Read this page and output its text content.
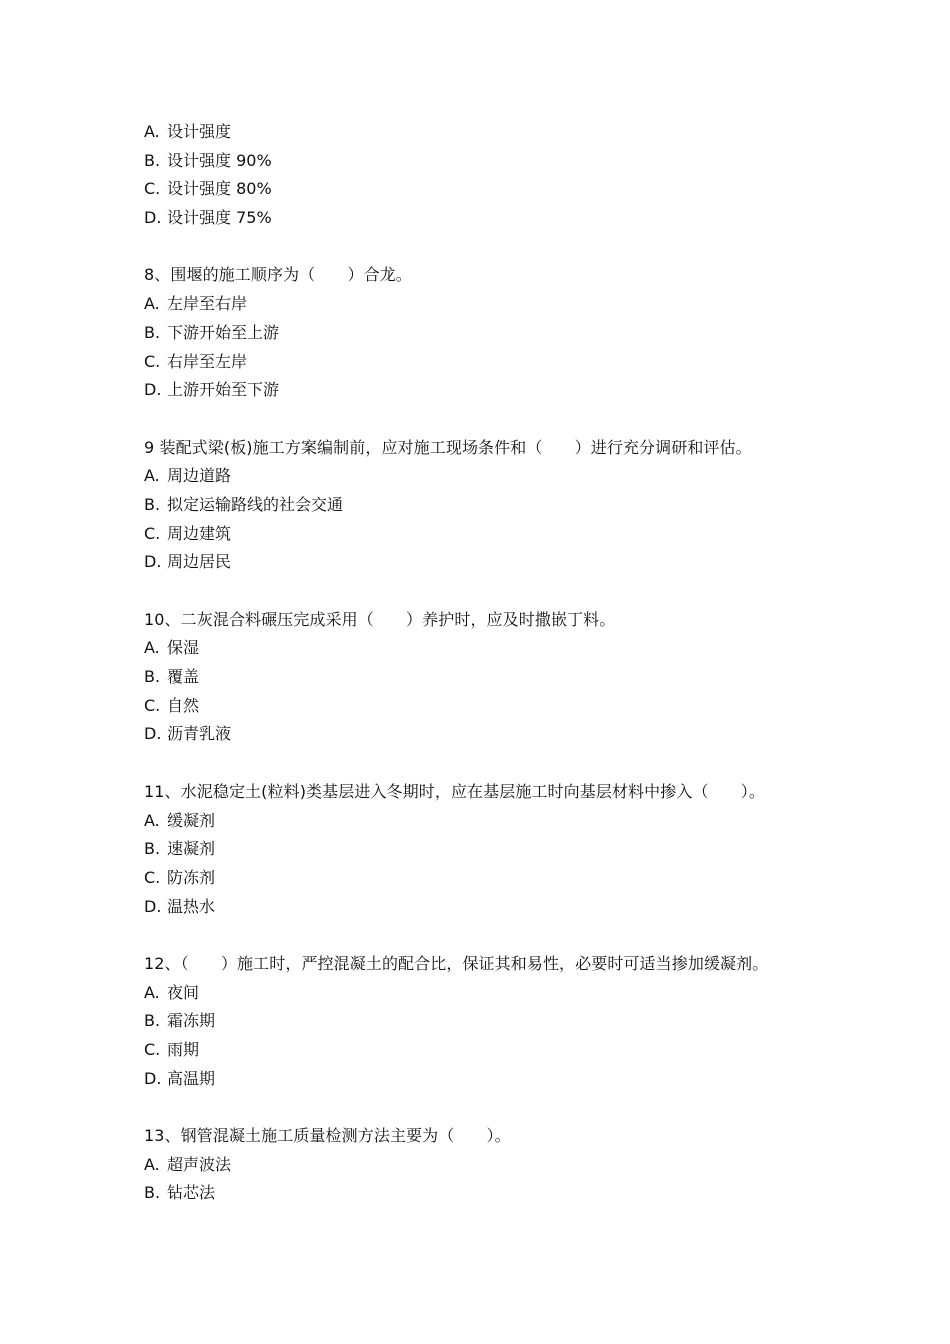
A. 设计强度
B. 设计强度 90%
C. 设计强度 80%
D. 设计强度 75%
8、围堰的施工顺序为（　　）合龙。
A. 左岸至右岸
B. 下游开始至上游
C. 右岸至左岸
D. 上游开始至下游
9 装配式梁(板)施工方案编制前，应对施工现场条件和（　　）进行充分调研和评估。
A. 周边道路
B. 拟定运输路线的社会交通
C. 周边建筑
D. 周边居民
10、二灰混合料碾压完成采用（　　）养护时，应及时撒嵌丁料。
A. 保湿
B. 覆盖
C. 自然
D. 沥青乳液
11、水泥稳定土(粒料)类基层进入冬期时，应在基层施工时向基层材料中掺入（　　）。
A. 缓凝剂
B. 速凝剂
C. 防冻剂
D. 温热水
12、（　　）施工时，严控混凝土的配合比，保证其和易性，必要时可适当掺加缓凝剂。
A. 夜间
B. 霜冻期
C. 雨期
D. 高温期
13、钢管混凝土施工质量检测方法主要为（　　）。
A. 超声波法
B. 钻芯法
